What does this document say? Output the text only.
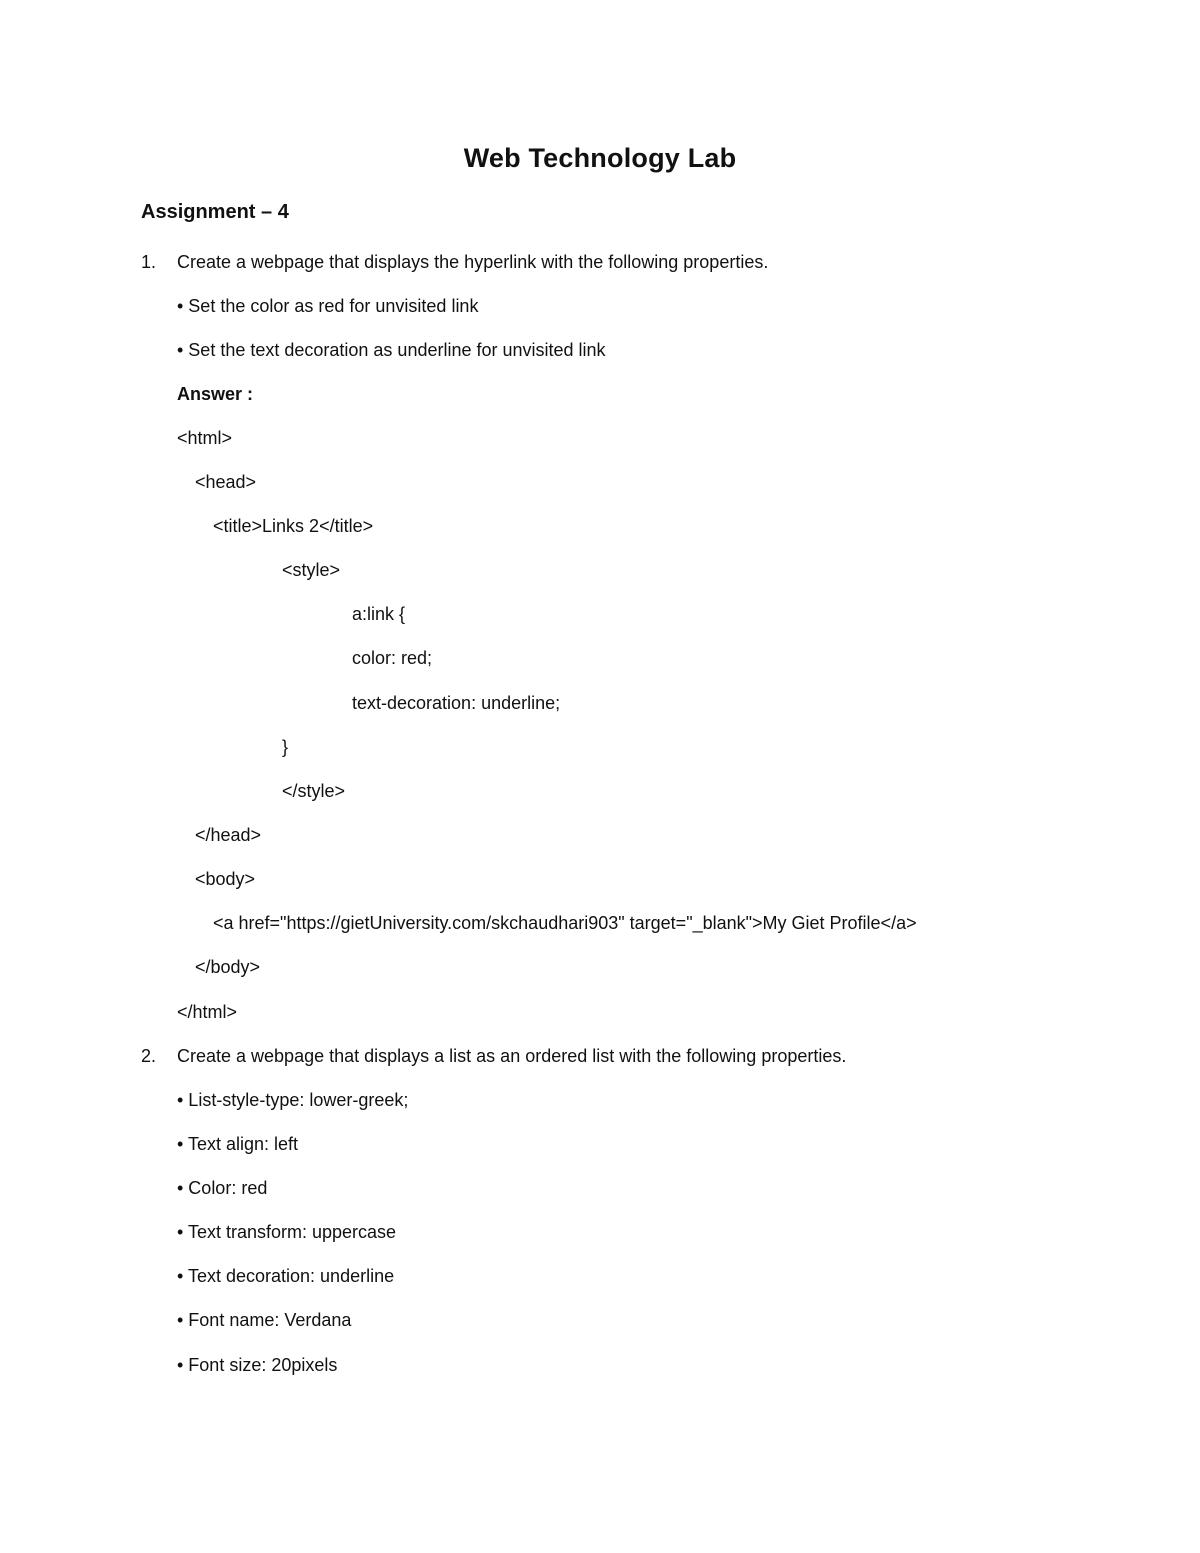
Web Technology Lab
Assignment – 4
1. Create a webpage that displays the hyperlink with the following properties.
• Set the color as red for unvisited link
• Set the text decoration as underline for unvisited link
Answer :
<html>
<head>
<title>Links 2</title>
<style>
a:link {
color: red;
text-decoration: underline;
}
</style>
</head>
<body>
<a href="https://gietUniversity.com/skchaudhari903" target="_blank">My Giet Profile</a>
</body>
</html>
2. Create a webpage that displays a list as an ordered list with the following properties.
• List-style-type: lower-greek;
• Text align: left
• Color: red
• Text transform: uppercase
• Text decoration: underline
• Font name: Verdana
• Font size: 20pixels
